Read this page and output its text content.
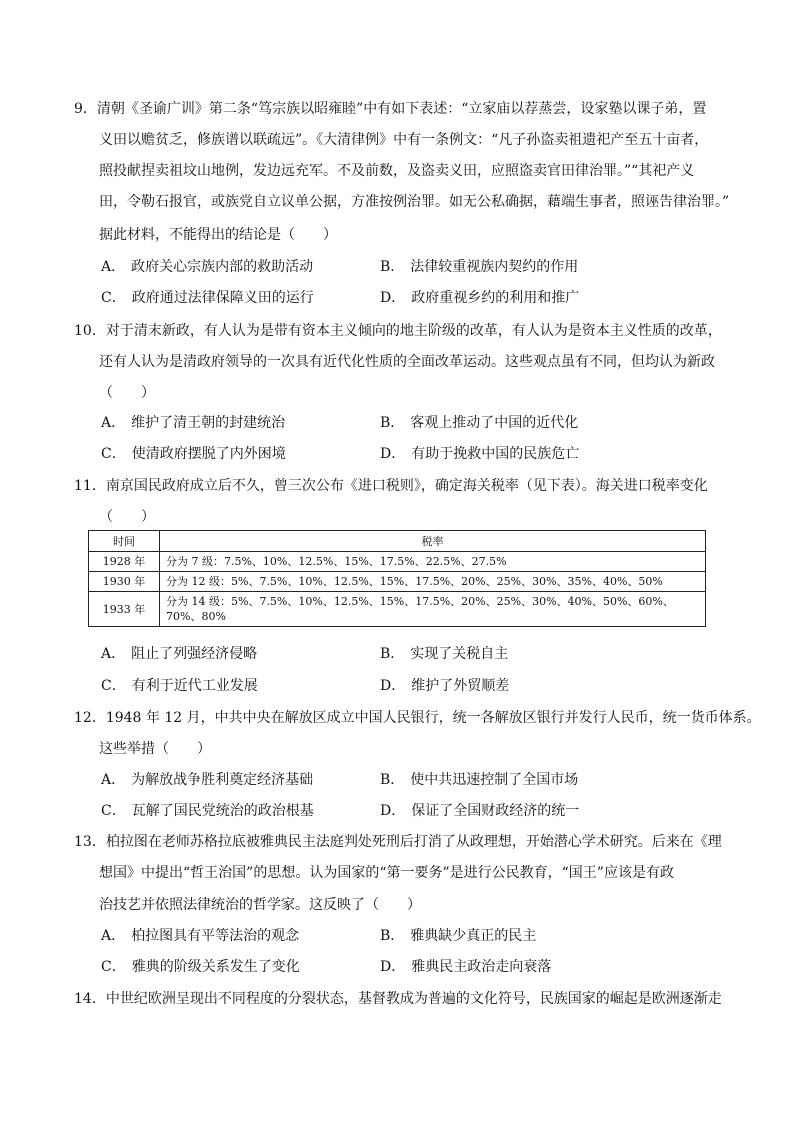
9．清朝《圣谕广训》第二条“笃宗族以昭雍睦”中有如下表述：“立家庙以荐蒸尝，设家塾以课子弟，置
义田以赡贫乏，修族谱以联疏远”。《大清律例》中有一条例文：“凡子孙盗卖祖遗祀产至五十亩者，
照投献捏卖祖坟山地例，发边远充军。不及前数，及盗卖义田，应照盗卖官田律治罪。”“其祀产义
田，令勒石报官，或族党自立议单公据，方准按例治罪。如无公私确据，藉端生事者，照诬告律治罪。”
据此材料，不能得出的结论是（　　）
A． 政府关心宗族内部的救助活动	B． 法律较重视族内契约的作用
C． 政府通过法律保障义田的运行	D． 政府重视乡约的利用和推广
10．对于清末新政，有人认为是带有资本主义倾向的地主阶级的改革，有人认为是资本主义性质的改革，
还有人认为是清政府领导的一次具有近代化性质的全面改革运动。这些观点虽有不同，但均认为新政
（　　）
A． 维护了清王朝的封建统治	B． 客观上推动了中国的近代化
C． 使清政府摆脱了内外困境	D． 有助于挽救中国的民族危亡
11．南京国民政府成立后不久，曾三次公布《进口税则》，确定海关税率（见下表）。海关进口税率变化
（　　）
时间	税率
1928 年	分为 7 级：7.5%、10%、12.5%、15%、17.5%、22.5%、27.5%
1930 年	分为 12 级：5%、7.5%、10%、12.5%、15%、17.5%、20%、25%、30%、35%、40%、50%
1933 年	分为 14 级：5%、7.5%、10%、12.5%、15%、17.5%、20%、25%、30%、40%、50%、60%、70%、80%
A． 阻止了列强经济侵略	B． 实现了关税自主
C． 有利于近代工业发展	D． 维护了外贸顺差
12．1948 年 12 月，中共中央在解放区成立中国人民银行，统一各解放区银行并发行人民币，统一货币体系。
这些举措（　　）
A． 为解放战争胜利奠定经济基础	B． 使中共迅速控制了全国市场
C． 瓦解了国民党统治的政治根基	D． 保证了全国财政经济的统一
13．柏拉图在老师苏格拉底被雅典民主法庭判处死刑后打消了从政理想，开始潜心学术研究。后来在《理
想国》中提出“哲王治国”的思想。认为国家的“第一要务”是进行公民教育，“国王”应该是有政
治技艺并依照法律统治的哲学家。这反映了（　　）
A． 柏拉图具有平等法治的观念	B． 雅典缺少真正的民主
C． 雅典的阶级关系发生了变化	D． 雅典民主政治走向衰落
14．中世纪欧洲呈现出不同程度的分裂状态，基督教成为普遍的文化符号，民族国家的崛起是欧洲逐渐走
